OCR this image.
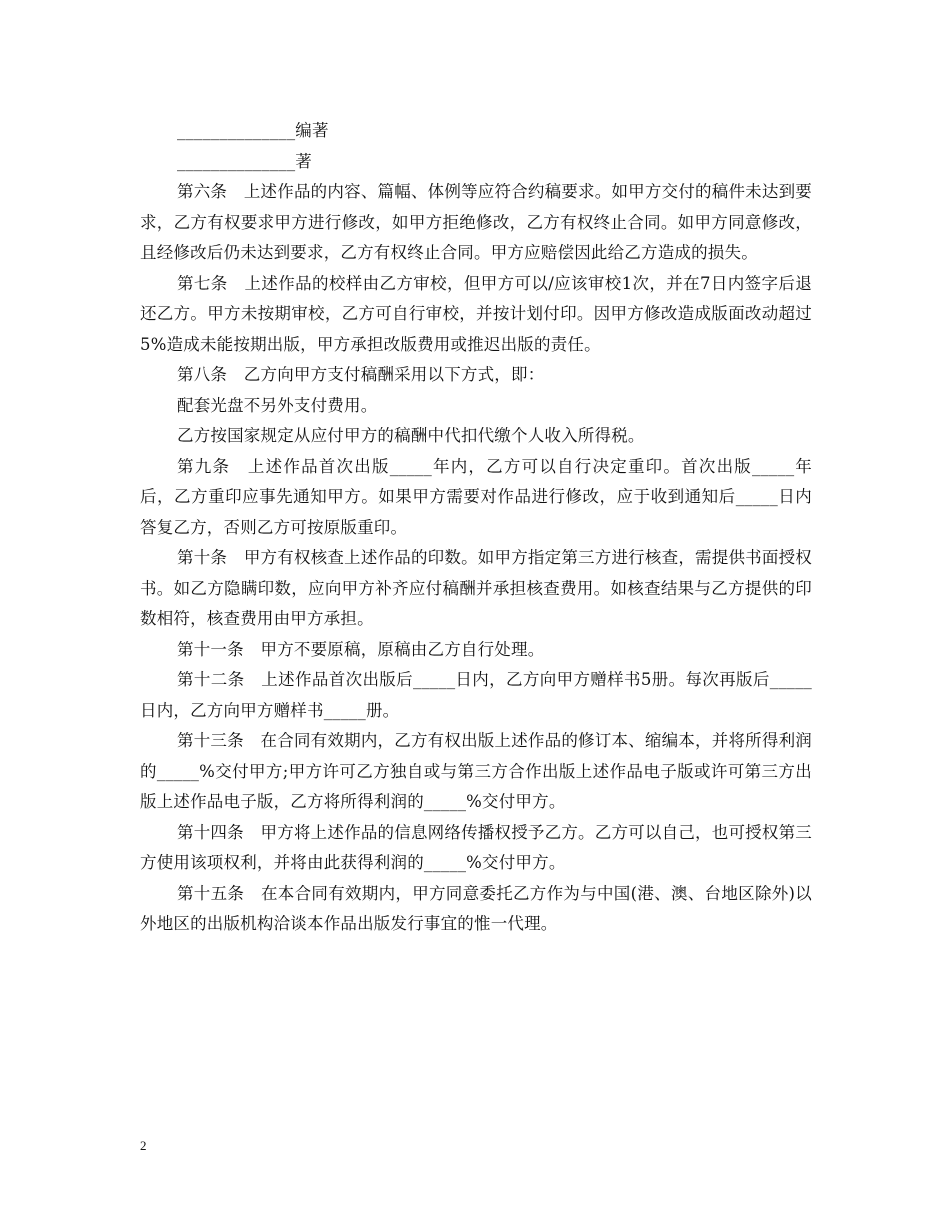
______________编著

______________著

第六条　上述作品的内容、篇幅、体例等应符合约稿要求。如甲方交付的稿件未达到要求，乙方有权要求甲方进行修改，如甲方拒绝修改，乙方有权终止合同。如甲方同意修改，且经修改后仍未达到要求，乙方有权终止合同。甲方应赔偿因此给乙方造成的损失。

第七条　上述作品的校样由乙方审校，但甲方可以/应该审校1次，并在7日内签字后退还乙方。甲方未按期审校，乙方可自行审校，并按计划付印。因甲方修改造成版面改动超过5%造成未能按期出版，甲方承担改版费用或推迟出版的责任。

第八条　乙方向甲方支付稿酬采用以下方式，即：

配套光盘不另外支付费用。

乙方按国家规定从应付甲方的稿酬中代扣代缴个人收入所得税。

第九条　上述作品首次出版_____年内，乙方可以自行决定重印。首次出版_____年后，乙方重印应事先通知甲方。如果甲方需要对作品进行修改，应于收到通知后_____日内答复乙方，否则乙方可按原版重印。

第十条　甲方有权核查上述作品的印数。如甲方指定第三方进行核查，需提供书面授权书。如乙方隐瞒印数，应向甲方补齐应付稿酬并承担核查费用。如核查结果与乙方提供的印数相符，核查费用由甲方承担。

第十一条　甲方不要原稿，原稿由乙方自行处理。

第十二条　上述作品首次出版后_____日内，乙方向甲方赠样书5册。每次再版后_____日内，乙方向甲方赠样书_____册。

第十三条　在合同有效期内，乙方有权出版上述作品的修订本、缩编本，并将所得利润的_____%交付甲方;甲方许可乙方独自或与第三方合作出版上述作品电子版或许可第三方出版上述作品电子版，乙方将所得利润的_____%交付甲方。

第十四条　甲方将上述作品的信息网络传播权授予乙方。乙方可以自己，也可授权第三方使用该项权利，并将由此获得利润的_____%交付甲方。

第十五条　在本合同有效期内，甲方同意委托乙方作为与中国(港、澳、台地区除外)以外地区的出版机构洽谈本作品出版发行事宜的惟一代理。

2
